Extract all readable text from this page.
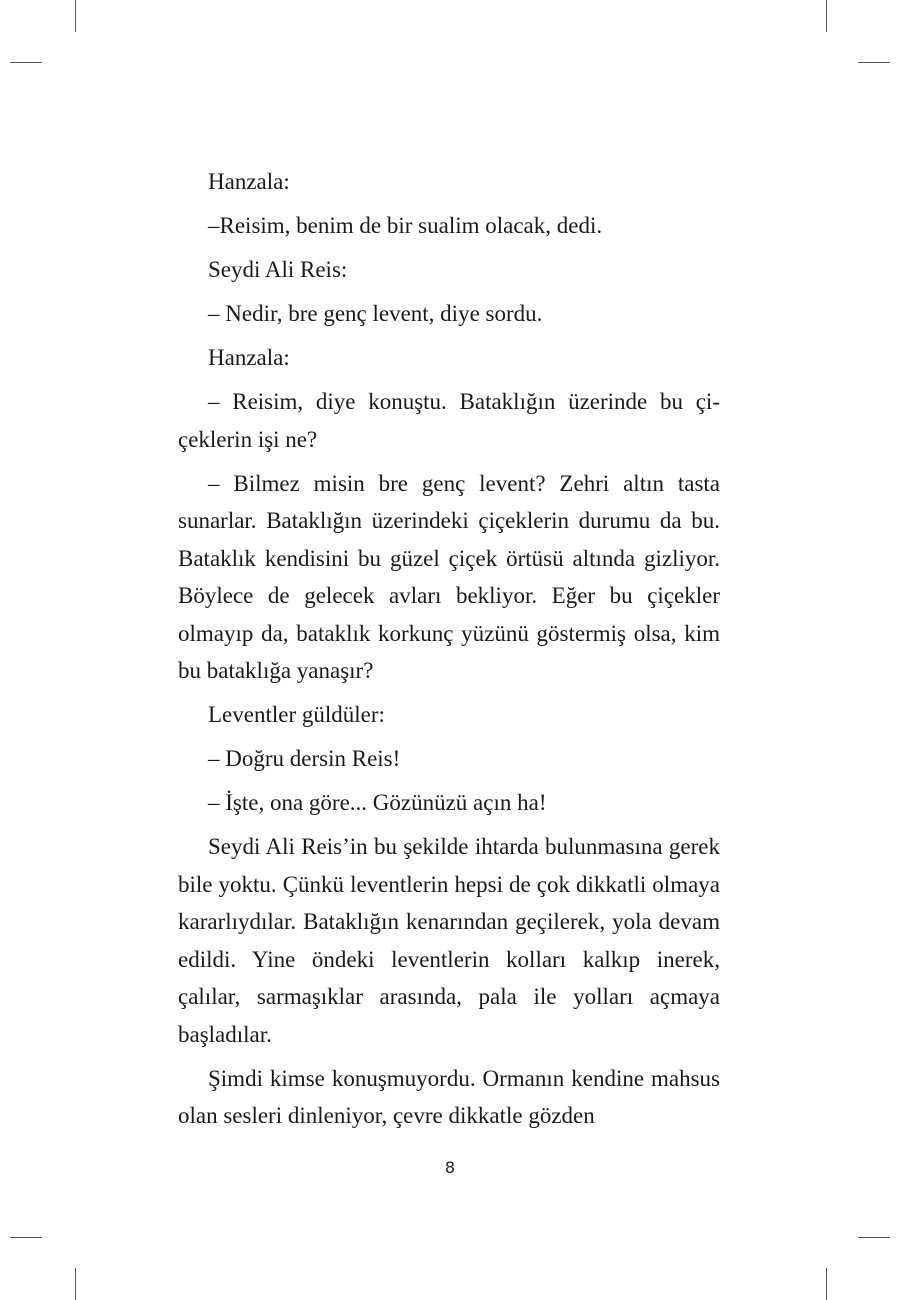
Hanzala:

–Reisim, benim de bir sualim olacak, dedi.

Seydi Ali Reis:

– Nedir, bre genç levent, diye sordu.

Hanzala:

– Reisim, diye konuştu. Bataklığın üzerinde bu çiçeklerin işi ne?

– Bilmez misin bre genç levent? Zehri altın tasta sunarlar. Bataklığın üzerindeki çiçeklerin durumu da bu. Bataklık kendisini bu güzel çiçek örtüsü altında gizliyor. Böylece de gelecek avları bekliyor. Eğer bu çiçekler olmayıp da, bataklık korkunç yüzünü göstermiş olsa, kim bu bataklığa yanaşır?

Leventler güldüler:

– Doğru dersin Reis!

– İşte, ona göre... Gözünüzü açın ha!

Seydi Ali Reis’in bu şekilde ihtarda bulunmasına gerek bile yoktu. Çünkü leventlerin hepsi de çok dikkatli olmaya kararlıydılar. Bataklığın kenarından geçilerek, yola devam edildi. Yine öndeki leventlerin kolları kalkıp inerek, çalılar, sarmaşıklar arasında, pala ile yolları açmaya başladılar.

Şimdi kimse konuşmuyordu. Ormanın kendine mahsus olan sesleri dinleniyor, çevre dikkatle gözden

8
